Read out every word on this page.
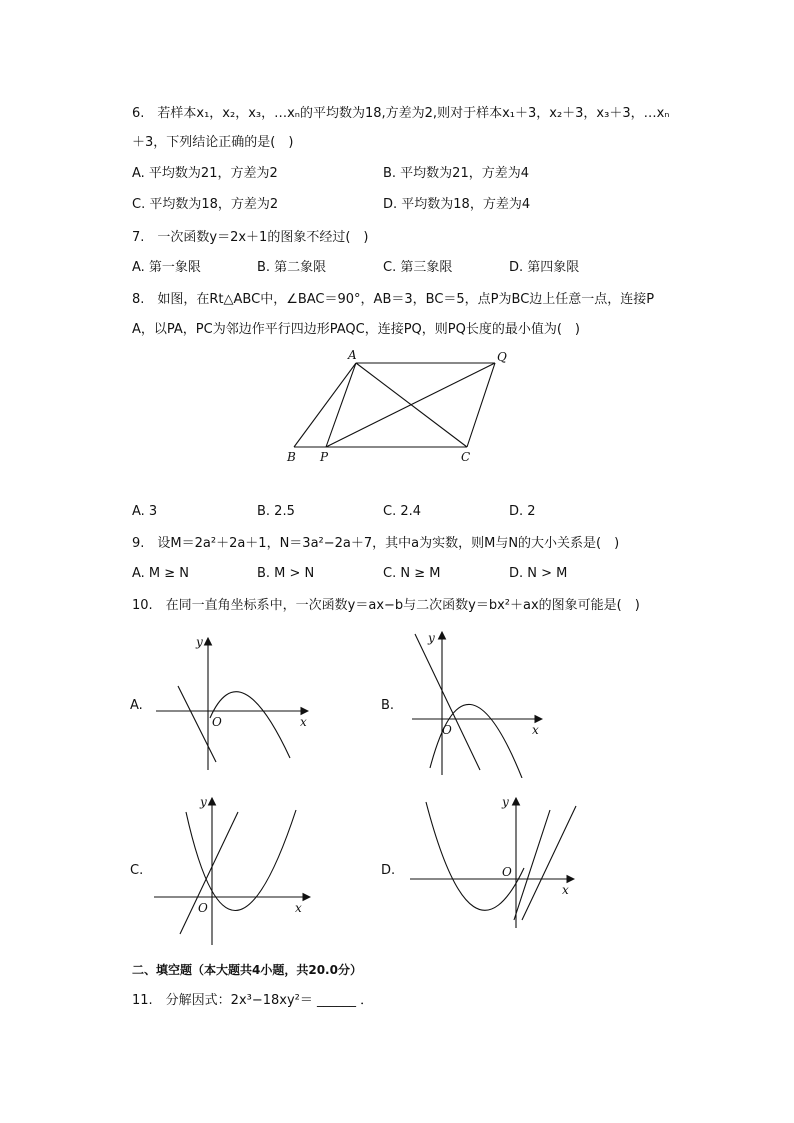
6.　若样本x₁，x₂，x₃，…xₙ的平均数为18,方差为2,则对于样本x₁＋3，x₂＋3，x₃＋3，…xₙ
＋3，下列结论正确的是(　)
A. 平均数为21，方差为2	B. 平均数为21，方差为4
C. 平均数为18，方差为2	D. 平均数为18，方差为4
7.　一次函数y＝2x＋1的图象不经过(　)
A. 第一象限	B. 第二象限	C. 第三象限	D. 第四象限
8.　如图，在Rt△ABC中，∠BAC＝90°，AB＝3，BC＝5，点P为BC边上任意一点，连接P
A，以PA，PC为邻边作平行四边形PAQC，连接PQ，则PQ长度的最小值为(　)
A	Q
B P	C
A. 3	B. 2.5	C. 2.4	D. 2
9.　设M＝2a²＋2a＋1，N＝3a²−2a＋7，其中a为实数，则M与N的大小关系是(　)
A. M ≥ N	B. M > N	C. N ≥ M	D. N > M
10.　在同一直角坐标系中，一次函数y＝ax−b与二次函数y＝bx²＋ax的图象可能是(　)
A.
y
x
O
B.
y
x
O
C.
y
x
O
D.
y
x
O
二、填空题（本大题共4小题，共20.0分）
11.　分解因式：2x³−18xy²＝ ______ ．
